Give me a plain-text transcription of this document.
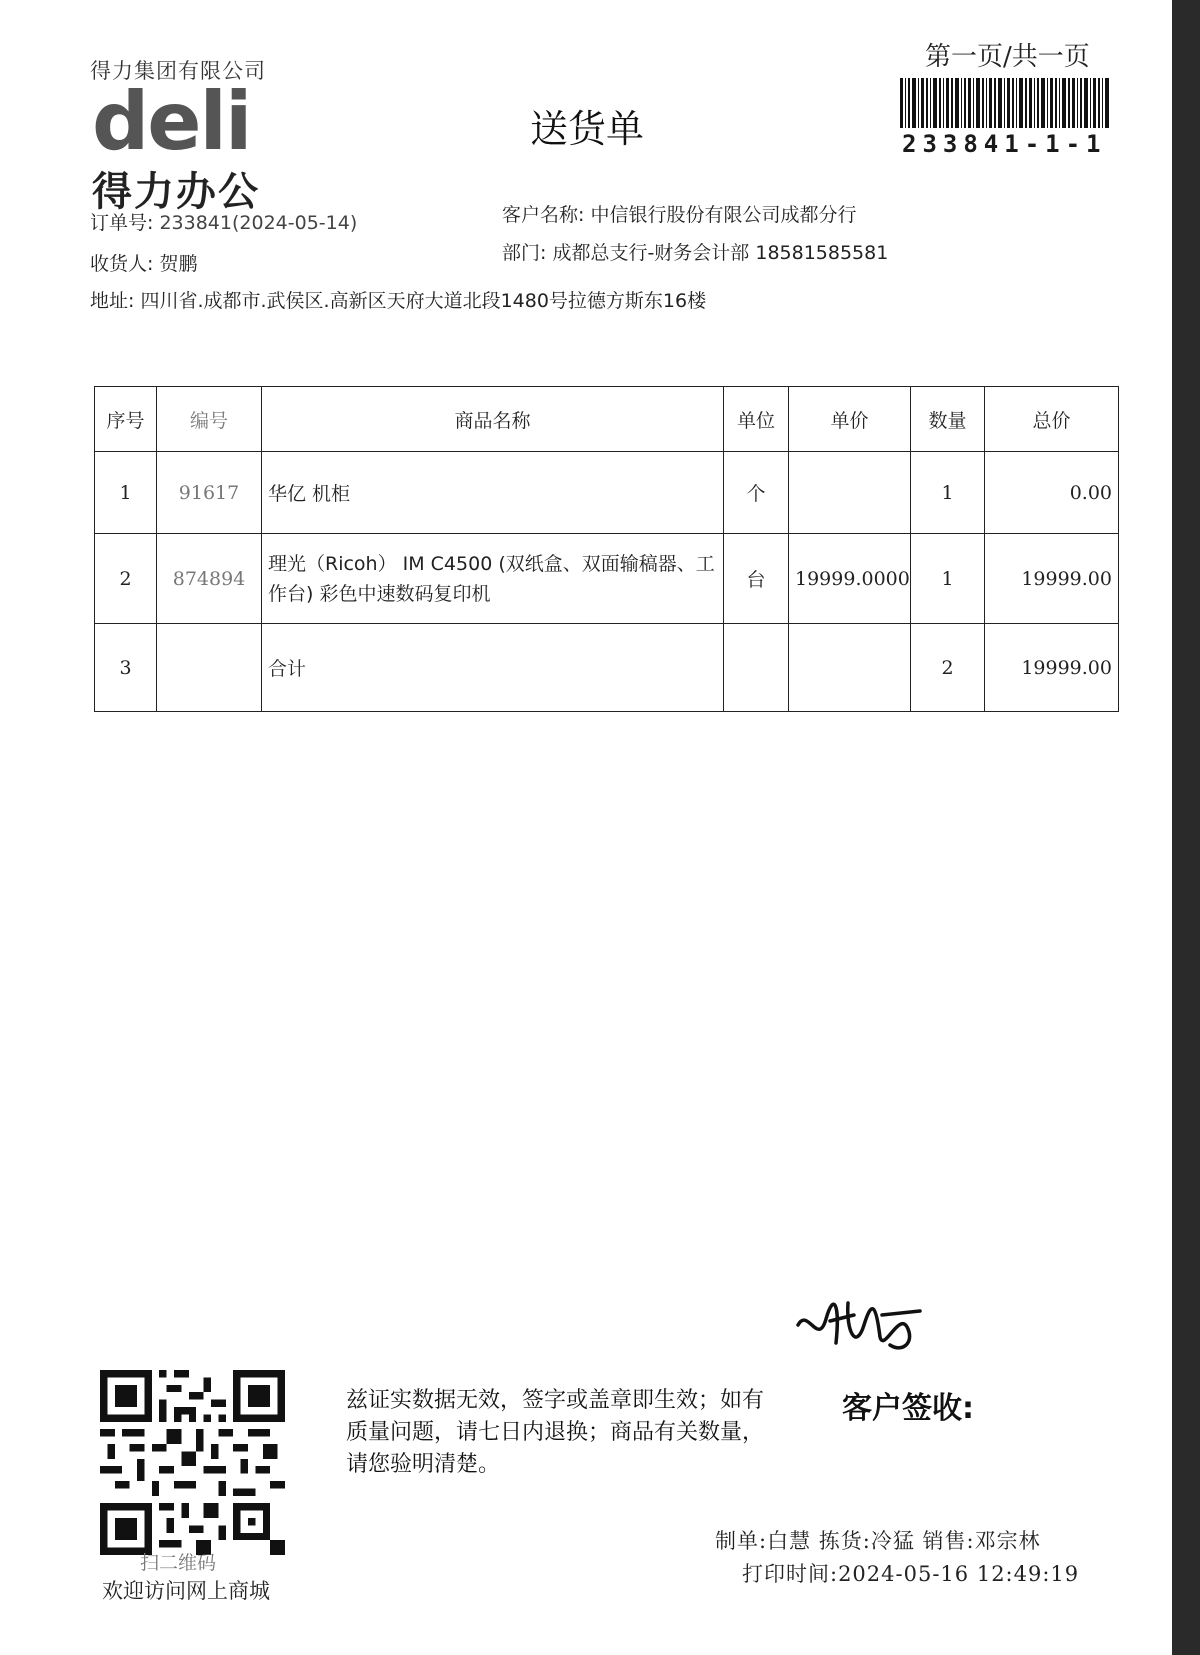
得力集团有限公司
deli
得力办公
送货单
第一页/共一页
233841-1-1
订单号: 233841(2024-05-14)
收货人: 贺鹏
地址: 四川省.成都市.武侯区.高新区天府大道北段1480号拉德方斯东16楼
客户名称: 中信银行股份有限公司成都分行
部门: 成都总支行-财务会计部 18581585581
序号	编号	商品名称	单位	单价	数量	总价
1	91617	华亿 机柜	个		1	0.00
2	874894	理光（Ricoh） IM C4500 (双纸盒、双面输稿器、工作台) 彩色中速数码复印机	台	19999.0000	1	19999.00
3		合计			2	19999.00
扫二维码
欢迎访问网上商城
兹证实数据无效，签字或盖章即生效；如有质量问题，请七日内退换；商品有关数量，请您验明清楚。
客户签收:
制单:白慧 拣货:冷猛 销售:邓宗林
打印时间:2024-05-16 12:49:19
